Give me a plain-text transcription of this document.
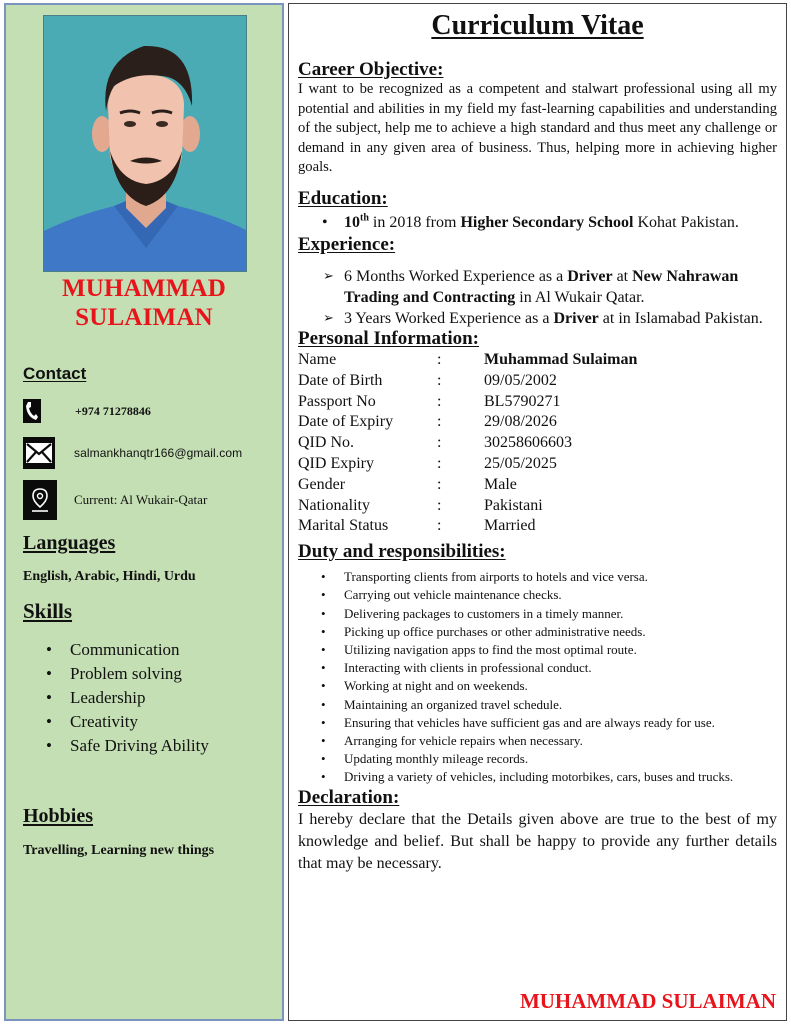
MUHAMMAD
SULAIMAN
Contact
+974 71278846
salmankhanqtr166@gmail.com
Current: Al Wukair-Qatar
Languages
English, Arabic, Hindi, Urdu
Skills
• Communication
• Problem solving
• Leadership
• Creativity
• Safe Driving Ability
Hobbies
Travelling, Learning new things
Curriculum Vitae
Career Objective:

I want to be recognized as a competent and stalwart professional using all my potential and abilities in my field my fast-learning capabilities and understanding of the subject, help me to achieve a high standard and thus meet any challenge or demand in any given area of business. Thus, helping more in achieving higher goals.

Education:
• 10th in 2018 from Higher Secondary School Kohat Pakistan.
Experience:
➢ 6 Months Worked Experience as a Driver at New Nahrawan Trading and Contracting in Al Wukair Qatar.
➢ 3 Years Worked Experience as a Driver at in Islamabad Pakistan.
Personal Information:
Name	:	Muhammad Sulaiman
Date of Birth	:	09/05/2002
Passport No	:	BL5790271
Date of Expiry	:	29/08/2026
QID No.	:	30258606603
QID Expiry	:	25/05/2025
Gender	:	Male
Nationality	:	Pakistani
Marital Status	:	Married
Duty and responsibilities:
• Transporting clients from airports to hotels and vice versa.
• Carrying out vehicle maintenance checks.
• Delivering packages to customers in a timely manner.
• Picking up office purchases or other administrative needs.
• Utilizing navigation apps to find the most optimal route.
• Interacting with clients in professional conduct.
• Working at night and on weekends.
• Maintaining an organized travel schedule.
• Ensuring that vehicles have sufficient gas and are always ready for use.
• Arranging for vehicle repairs when necessary.
• Updating monthly mileage records.
• Driving a variety of vehicles, including motorbikes, cars, buses and trucks.
Declaration:

I hereby declare that the Details given above are true to the best of my knowledge and belief. But shall be happy to provide any further details that may be necessary.

MUHAMMAD SULAIMAN
